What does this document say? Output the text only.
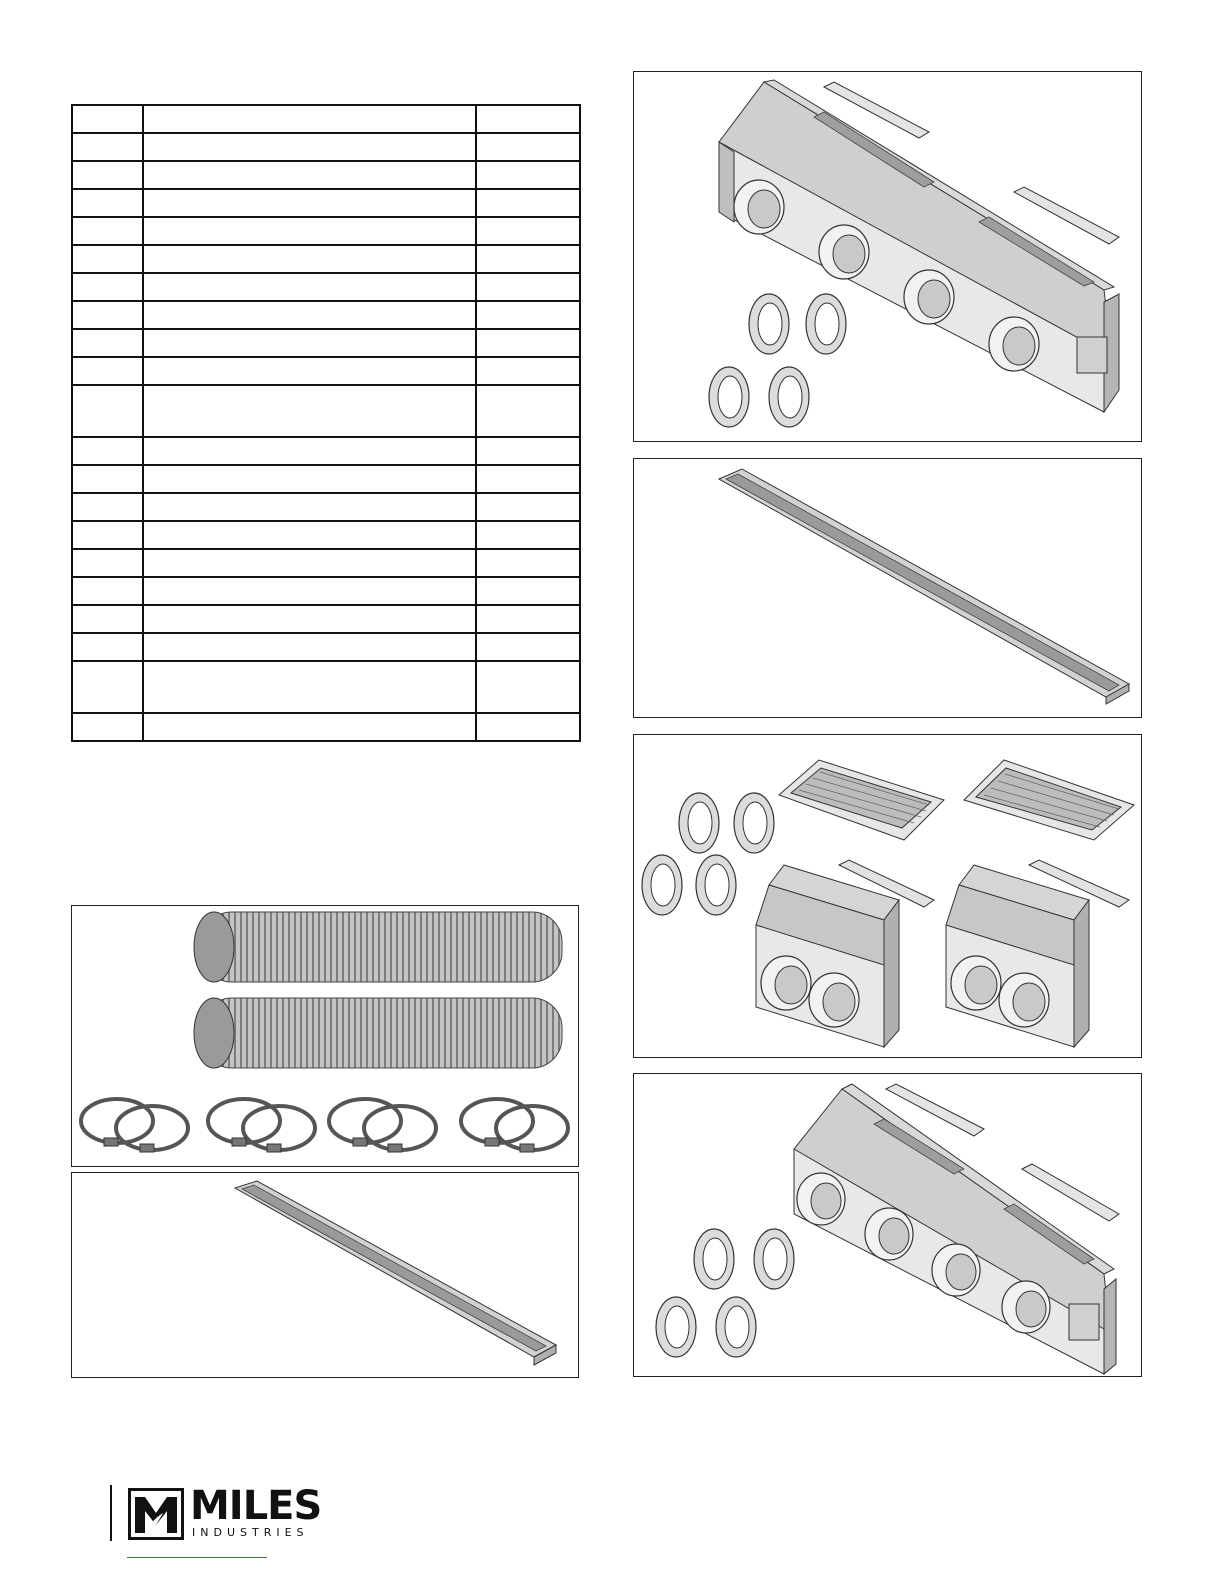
MILES
INDUSTRIES
